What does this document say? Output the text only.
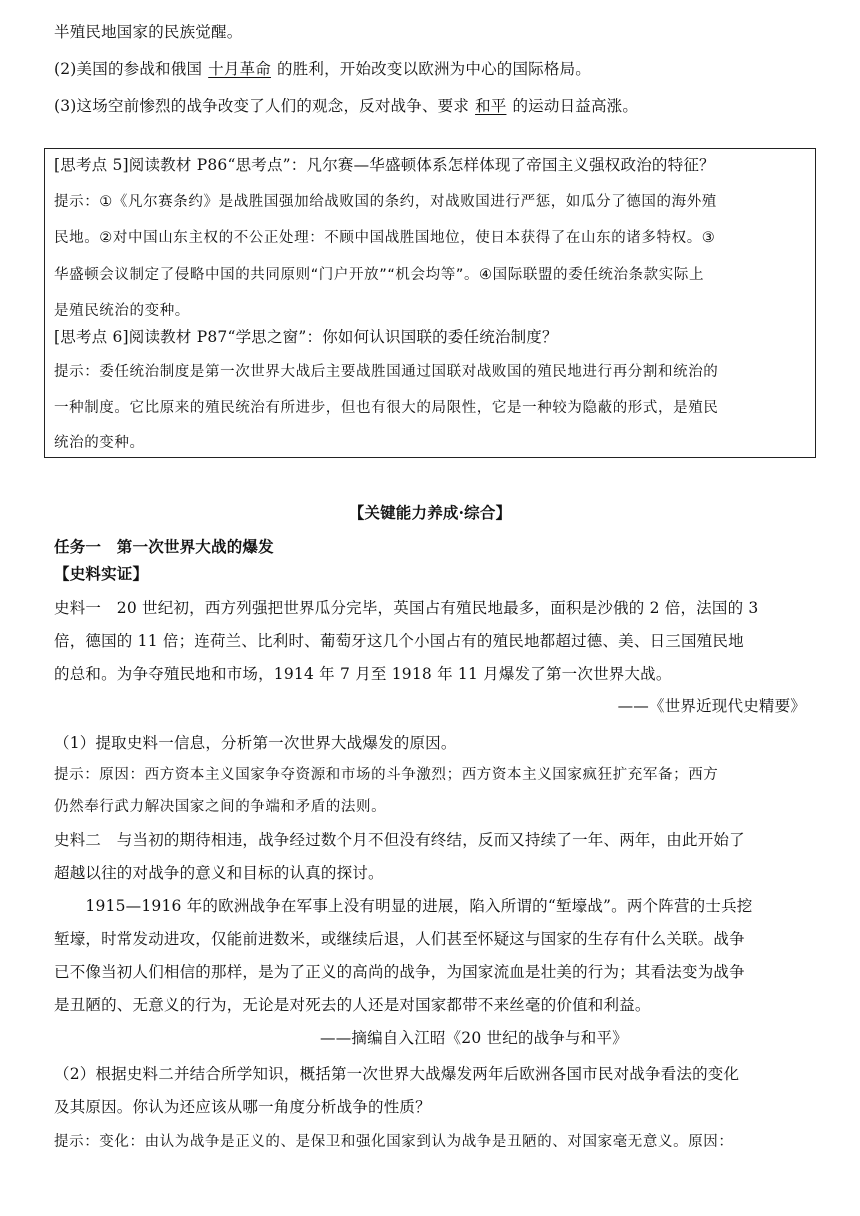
半殖民地国家的民族觉醒。
(2)美国的参战和俄国 十月革命 的胜利，开始改变以欧洲为中心的国际格局。
(3)这场空前惨烈的战争改变了人们的观念，反对战争、要求 和平 的运动日益高涨。
[思考点 5]阅读教材 P86“思考点”：凡尔赛—华盛顿体系怎样体现了帝国主义强权政治的特征？
提示：①《凡尔赛条约》是战胜国强加给战败国的条约，对战败国进行严惩，如瓜分了德国的海外殖
民地。②对中国山东主权的不公正处理：不顾中国战胜国地位，使日本获得了在山东的诸多特权。③
华盛顿会议制定了侵略中国的共同原则“门户开放”“机会均等”。④国际联盟的委任统治条款实际上
是殖民统治的变种。
[思考点 6]阅读教材 P87“学思之窗”：你如何认识国联的委任统治制度？
提示：委任统治制度是第一次世界大战后主要战胜国通过国联对战败国的殖民地进行再分割和统治的
一种制度。它比原来的殖民统治有所进步，但也有很大的局限性，它是一种较为隐蔽的形式，是殖民
统治的变种。
【关键能力养成·综合】
任务一　第一次世界大战的爆发
【史料实证】
史料一　20 世纪初，西方列强把世界瓜分完毕，英国占有殖民地最多，面积是沙俄的 2 倍，法国的 3
倍，德国的 11 倍；连荷兰、比利时、葡萄牙这几个小国占有的殖民地都超过德、美、日三国殖民地
的总和。为争夺殖民地和市场，1914 年 7 月至 1918 年 11 月爆发了第一次世界大战。
——《世界近现代史精要》
（1）提取史料一信息，分析第一次世界大战爆发的原因。
提示：原因：西方资本主义国家争夺资源和市场的斗争激烈；西方资本主义国家疯狂扩充军备；西方
仍然奉行武力解决国家之间的争端和矛盾的法则。
史料二　与当初的期待相违，战争经过数个月不但没有终结，反而又持续了一年、两年，由此开始了
超越以往的对战争的意义和目标的认真的探讨。
　　1915—1916 年的欧洲战争在军事上没有明显的进展，陷入所谓的“堑壕战”。两个阵营的士兵挖
堑壕，时常发动进攻，仅能前进数米，或继续后退，人们甚至怀疑这与国家的生存有什么关联。战争
已不像当初人们相信的那样，是为了正义的高尚的战争，为国家流血是壮美的行为；其看法变为战争
是丑陋的、无意义的行为，无论是对死去的人还是对国家都带不来丝毫的价值和利益。
——摘编自入江昭《20 世纪的战争与和平》
（2）根据史料二并结合所学知识，概括第一次世界大战爆发两年后欧洲各国市民对战争看法的变化
及其原因。你认为还应该从哪一角度分析战争的性质？
提示：变化：由认为战争是正义的、是保卫和强化国家到认为战争是丑陋的、对国家毫无意义。原因：
